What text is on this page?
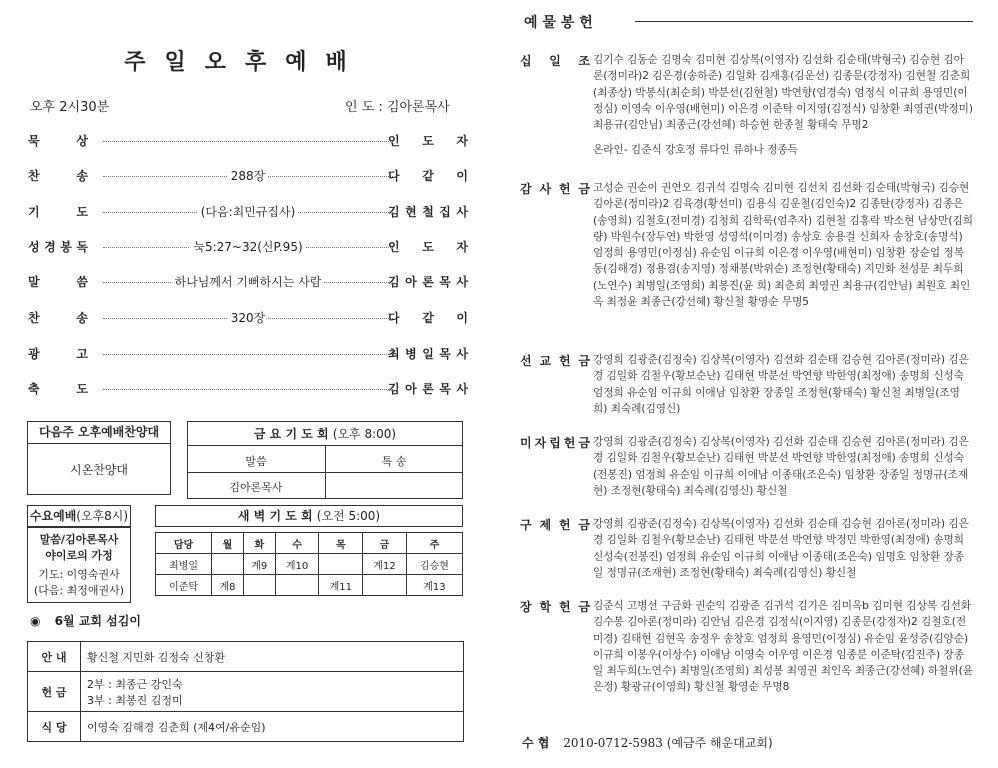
주일오후예배
오후 2시30분	인 도 : 김아론목사
묵	상	인 도 자
찬	송	288장	다 같 이
기	도	(다음:최민규집사)	김 현 철 집 사
성 경 봉 독	눅5:27~32(신P.95)	인 도 자
말	씀	하나님께서 기뻐하시는 사람	김 아 론 목 사
찬	송	320장	다 같 이
광	고	최 병 일 목 사
축	도	김 아 론 목 사
다음주 오후예배찬양대
시온찬양대
금 요 기 도 회 (오후 8:00)
말씀	특 송
김아론목사
수요예배(오후8시)
말씀/김아론목사
야이로의 가정
기도: 이영숙권사
(다음: 최정애권사)
새 벽 기 도 회 (오전 5:00)
담당	월	화	수	목	금	주
최병일		계9	계10		계12	김승현
이준탁	계8			계11		계13
◉ 6월 교회 섬김이
안 내	황신철 지민화 김정숙 신창환
헌 금	2부 : 최종근 강인숙
3부 : 최봉진 김정미

식 당	이영숙 김해경 김춘희 (제4여/유순임)
예 물 봉 헌
십 일 조 김기수 김동순 김명숙 김미현 김상복(이영자) 김선화 김순태(박형국) 김승현 김아론(정미라)2 김은경(송하준) 김일화 김재홍(김운선) 김종문(강정자) 김현철 김춘희(최종상) 박봉식(최순희) 박분선(김현철) 박연향(엄경숙) 엄정식 이규희 용영민(이정심) 이영숙 이우영(배현미) 이은경 이준탁 이지영(김정식) 임창환 최영권(박정미) 최용규(김안님) 최종근(강선혜) 하승현 한종철 황태숙 무명2
온라인- 김준식 강호정 류다인 류하나 정종득
감 사 헌 금 고성순 권순이 권연오 김귀석 김명숙 김미현 김선치 김선화 김순태(박형국) 김승현 김아론(정미라)2 김육경(황선미) 김용식 김운철(김인숙)2 김종탄(강정자) 김종은(송영희) 김철호(전미경) 김청희 김학룩(엄추자) 김현철 김홍락 박소현 남상만(김희량) 박원수(장두연) 박한영 성영석(이미경) 송상호 송용걸 신희자 송창호(송명석) 엄정희 용영민(이정심) 유순임 이규희 이은경 이우영(배현미) 임창환 장순업 정복동(김해경) 정용겸(송지영) 정채봉(박위순) 조정현(황태숙) 지민화 천성문 최두희(노연수) 최병일(조영희) 최봉진(윤 희) 최춘희 최영권 최용규(김안님) 최원호 최인옥 최정윤 최종근(강선혜) 황신철 황영순 무명5
선 교 헌 금 강영희 김광준(김정숙) 김상복(이영자) 김선화 김순태 김승현 김아론(정미라) 김은경 김일화 김철우(황보순난) 김태현 박분선 박연향 박한영(최정애) 송명희 신성숙 엄정희 유순임 이규희 이애남 임창환 장종일 조정현(황태숙) 황신철 최병일(조영희) 최숙례(김영신)
미 자 립 헌 금 강영희 김광준(김정숙) 김상복(이영자) 김선화 김순태 김승현 김아론(정미라) 김은경 김일화 김철우(황보순난) 김태현 박분선 박연향 박한영(최정애) 송명희 신성숙(전봉진) 엄정희 유순임 이규희 이애남 이종태(조은숙) 임창환 장종일 정명규(조재현) 조정현(황태숙) 최숙례(김영신) 황신철
구 제 헌 금 강영희 김광준(김정숙) 김상복(이영자) 김선화 김순태 김승현 김아론(정미라) 김은경 김일화 김철우(황보순난) 김태현 박분선 박연향 박정민 박한영(최정애) 송명희 신성숙(전봉진) 엄정희 유순임 이규희 이애남 이종태(조은숙) 임명호 임창환 장종일 정명규(조재현) 조정현(황태숙) 최숙례(김영신) 황신철
장 학 헌 금 김준식 고병선 구금화 권순익 김광준 김귀석 김기은 김미옥b 김미현 김상복 김선화 김수봉 김아론(정미라) 김안님 김은경 김정식(이지영) 김종문(강정자)2 김철호(전미경) 김태현 김현옥 송정우 송창호 엄정희 용영민(이정심) 유순임 윤성증(김양순) 이규희 이봉우(이상수) 이애남 이영숙 이우영 이은경 임종분 이준탁(김진주) 장종일 최두희(노연수) 최병일(조영희) 최성봉 최영권 최인옥 최종근(강선혜) 하철위(윤은정) 황광규(이영희) 황신철 황영순 무명8
수 협 2010-0712-5983 (예금주 해운대교회)
